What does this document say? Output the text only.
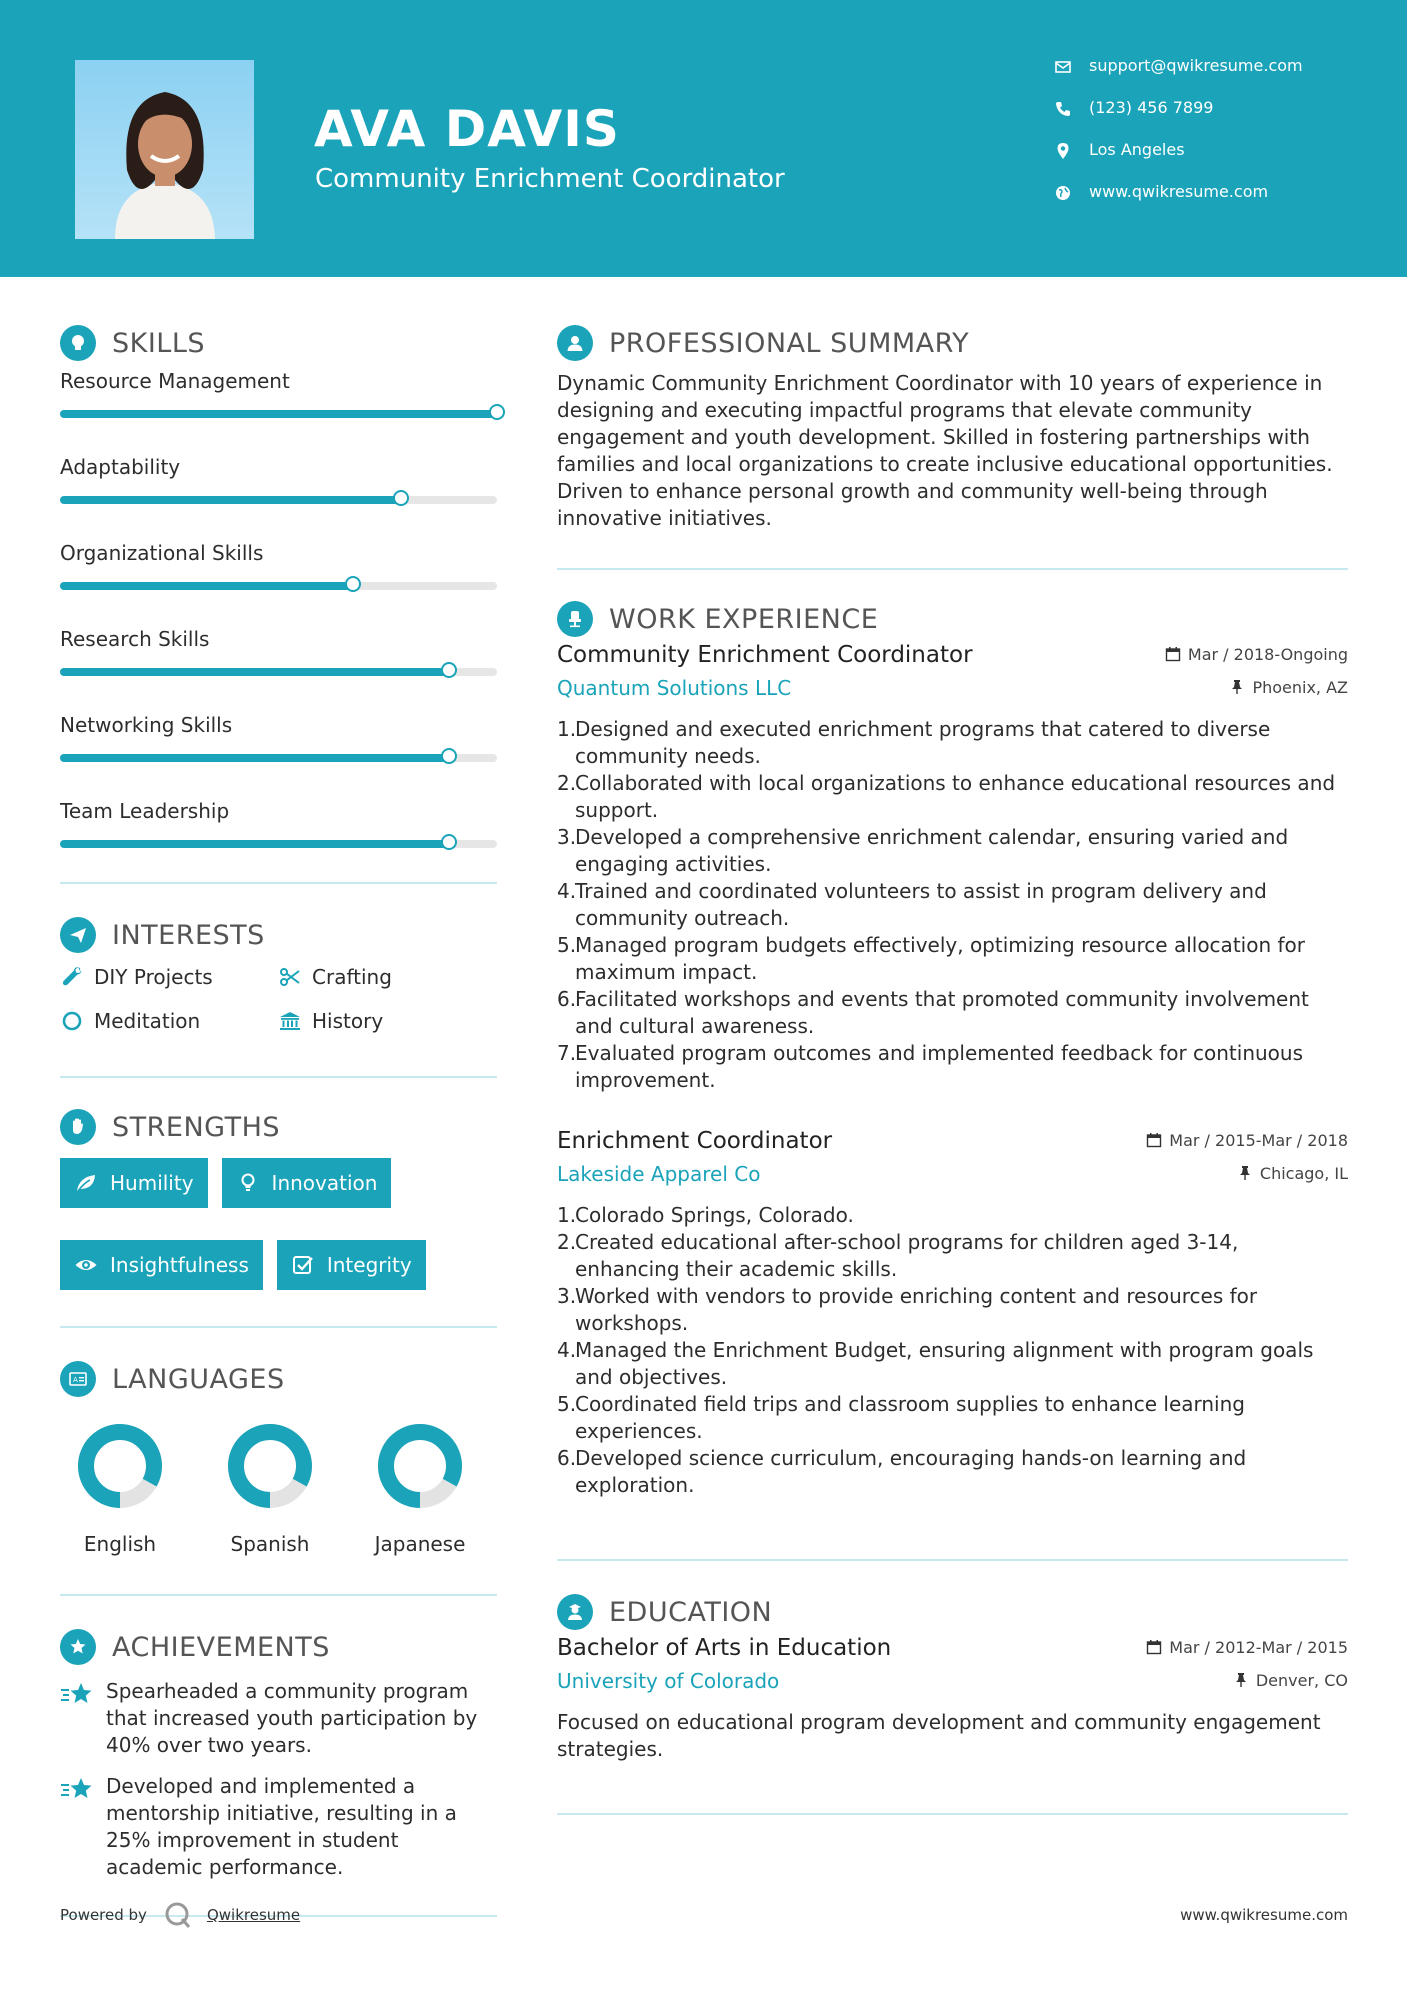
AVA DAVIS
Community Enrichment Coordinator
support@qwikresume.com
(123) 456 7899
Los Angeles
www.qwikresume.com
SKILLS
Resource Management
Adaptability
Organizational Skills
Research Skills
Networking Skills
Team Leadership
INTERESTS
DIY Projects	Crafting
Meditation	History
STRENGTHS
Humility	Innovation
Insightfulness	Integrity
A LANGUAGES
English	Spanish	Japanese
ACHIEVEMENTS
Spearheaded a community program that increased youth participation by 40% over two years.
Developed and implemented a mentorship initiative, resulting in a 25% improvement in student academic performance.
PROFESSIONAL SUMMARY
Dynamic Community Enrichment Coordinator with 10 years of experience in designing and executing impactful programs that elevate community engagement and youth development. Skilled in fostering partnerships with families and local organizations to create inclusive educational opportunities. Driven to enhance personal growth and community well-being through innovative initiatives.
WORK EXPERIENCE
Community Enrichment Coordinator	Mar / 2018-Ongoing
Quantum Solutions LLC	Phoenix, AZ
1.
Designed and executed enrichment programs that catered to diverse community needs.
2.
Collaborated with local organizations to enhance educational resources and support.
3.
Developed a comprehensive enrichment calendar, ensuring varied and engaging activities.
4.
Trained and coordinated volunteers to assist in program delivery and community outreach.
5.
Managed program budgets effectively, optimizing resource allocation for maximum impact.
6.
Facilitated workshops and events that promoted community involvement and cultural awareness.
7.
Evaluated program outcomes and implemented feedback for continuous improvement.
Enrichment Coordinator	Mar / 2015-Mar / 2018
Lakeside Apparel Co	Chicago, IL
1.
Colorado Springs, Colorado.
2.
Created educational after-school programs for children aged 3-14, enhancing their academic skills.
3.
Worked with vendors to provide enriching content and resources for workshops.
4.
Managed the Enrichment Budget, ensuring alignment with program goals and objectives.
5.
Coordinated field trips and classroom supplies to enhance learning experiences.
6.
Developed science curriculum, encouraging hands-on learning and exploration.
EDUCATION
Bachelor of Arts in Education	Mar / 2012-Mar / 2015
University of Colorado	Denver, CO
Focused on educational program development and community engagement strategies.
Powered by	Qwikresume	www.qwikresume.com
